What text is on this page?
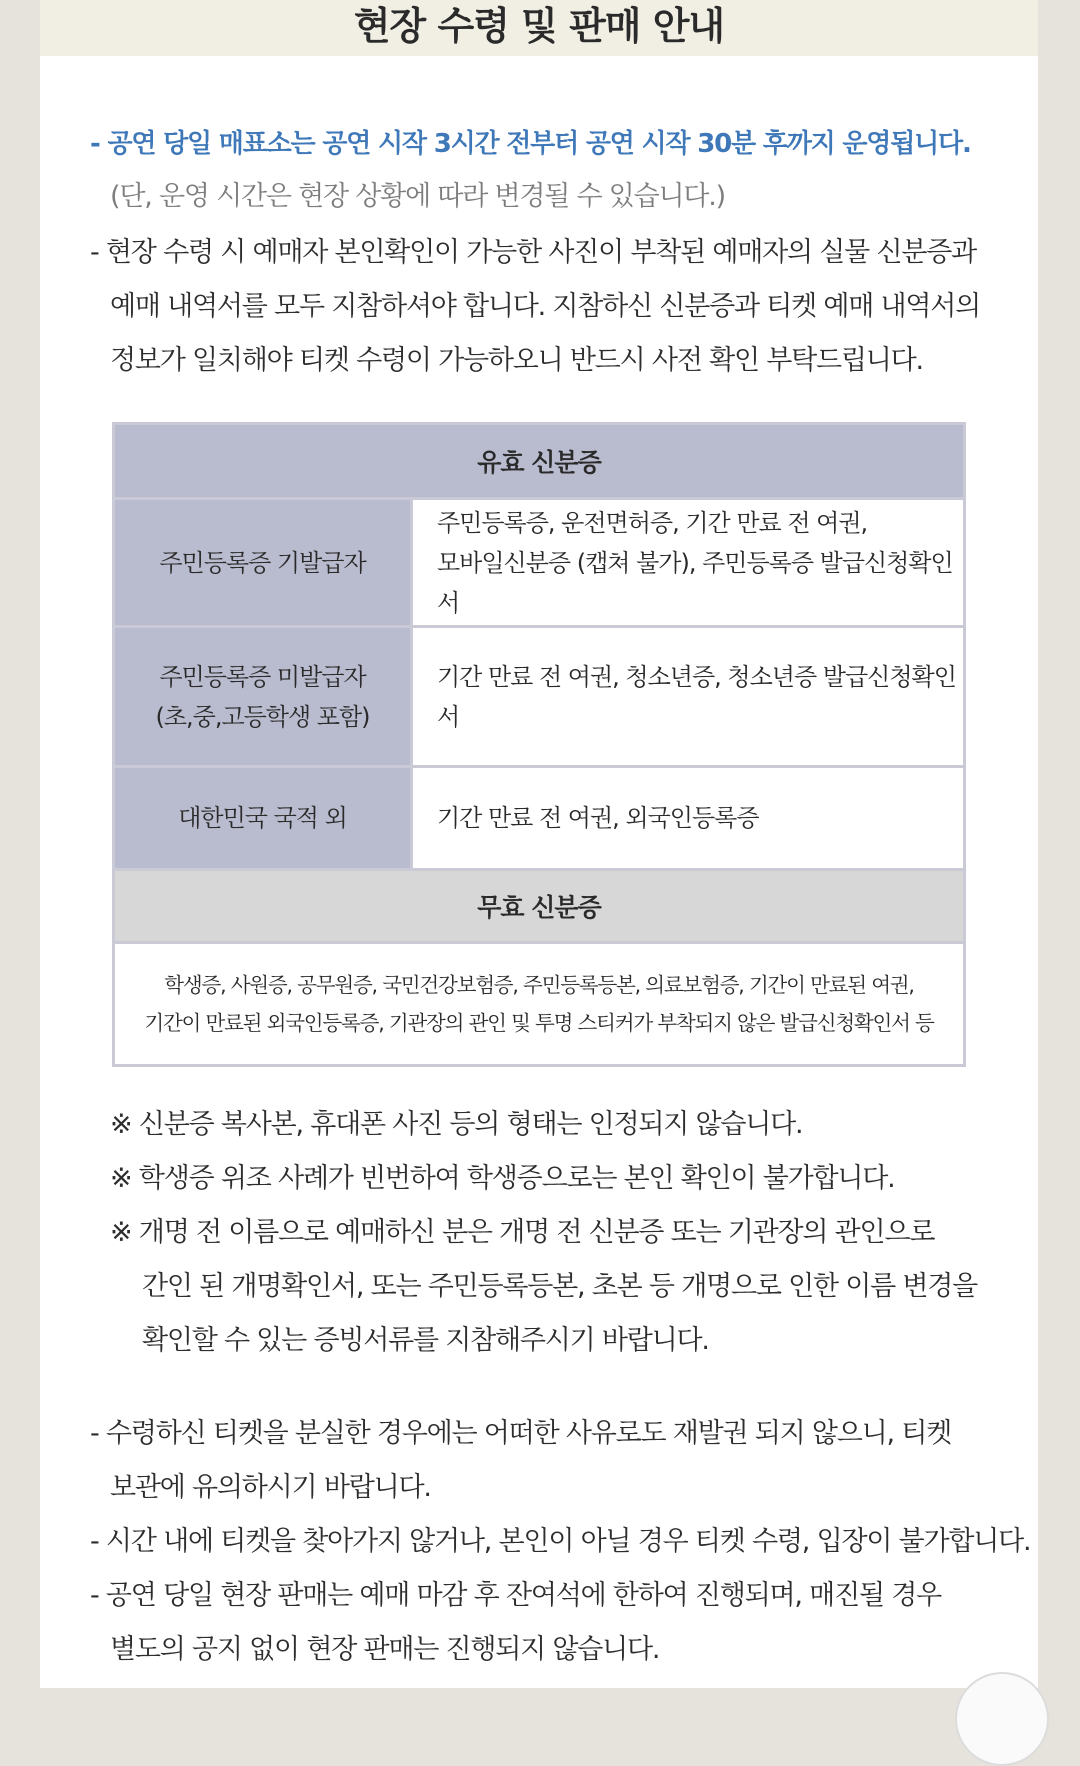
현장 수령 및 판매 안내
- 공연 당일 매표소는 공연 시작 3시간 전부터 공연 시작 30분 후까지 운영됩니다.
(단, 운영 시간은 현장 상황에 따라 변경될 수 있습니다.)
- 현장 수령 시 예매자 본인확인이 가능한 사진이 부착된 예매자의 실물 신분증과
예매 내역서를 모두 지참하셔야 합니다. 지참하신 신분증과 티켓 예매 내역서의
정보가 일치해야 티켓 수령이 가능하오니 반드시 사전 확인 부탁드립니다.
유효 신분증	

주민등록증 기발급자	주민등록증, 운전면허증, 기간 만료 전 여권,
모바일신분증 (캡쳐 불가), 주민등록증 발급신청확인서

주민등록증 미발급자
(초,중,고등학생 포함)	기간 만료 전 여권, 청소년증, 청소년증 발급신청확인서

대한민국 국적 외	기간 만료 전 여권, 외국인등록증

무효 신분증	

학생증, 사원증, 공무원증, 국민건강보험증, 주민등록등본, 의료보험증, 기간이 만료된 여권,
기간이 만료된 외국인등록증, 기관장의 관인 및 투명 스티커가 부착되지 않은 발급신청확인서 등	
※ 신분증 복사본, 휴대폰 사진 등의 형태는 인정되지 않습니다.
※ 학생증 위조 사례가 빈번하여 학생증으로는 본인 확인이 불가합니다.
※ 개명 전 이름으로 예매하신 분은 개명 전 신분증 또는 기관장의 관인으로
간인 된 개명확인서, 또는 주민등록등본, 초본 등 개명으로 인한 이름 변경을
확인할 수 있는 증빙서류를 지참해주시기 바랍니다.
- 수령하신 티켓을 분실한 경우에는 어떠한 사유로도 재발권 되지 않으니, 티켓
보관에 유의하시기 바랍니다.
- 시간 내에 티켓을 찾아가지 않거나, 본인이 아닐 경우 티켓 수령, 입장이 불가합니다.
- 공연 당일 현장 판매는 예매 마감 후 잔여석에 한하여 진행되며, 매진될 경우
별도의 공지 없이 현장 판매는 진행되지 않습니다.
